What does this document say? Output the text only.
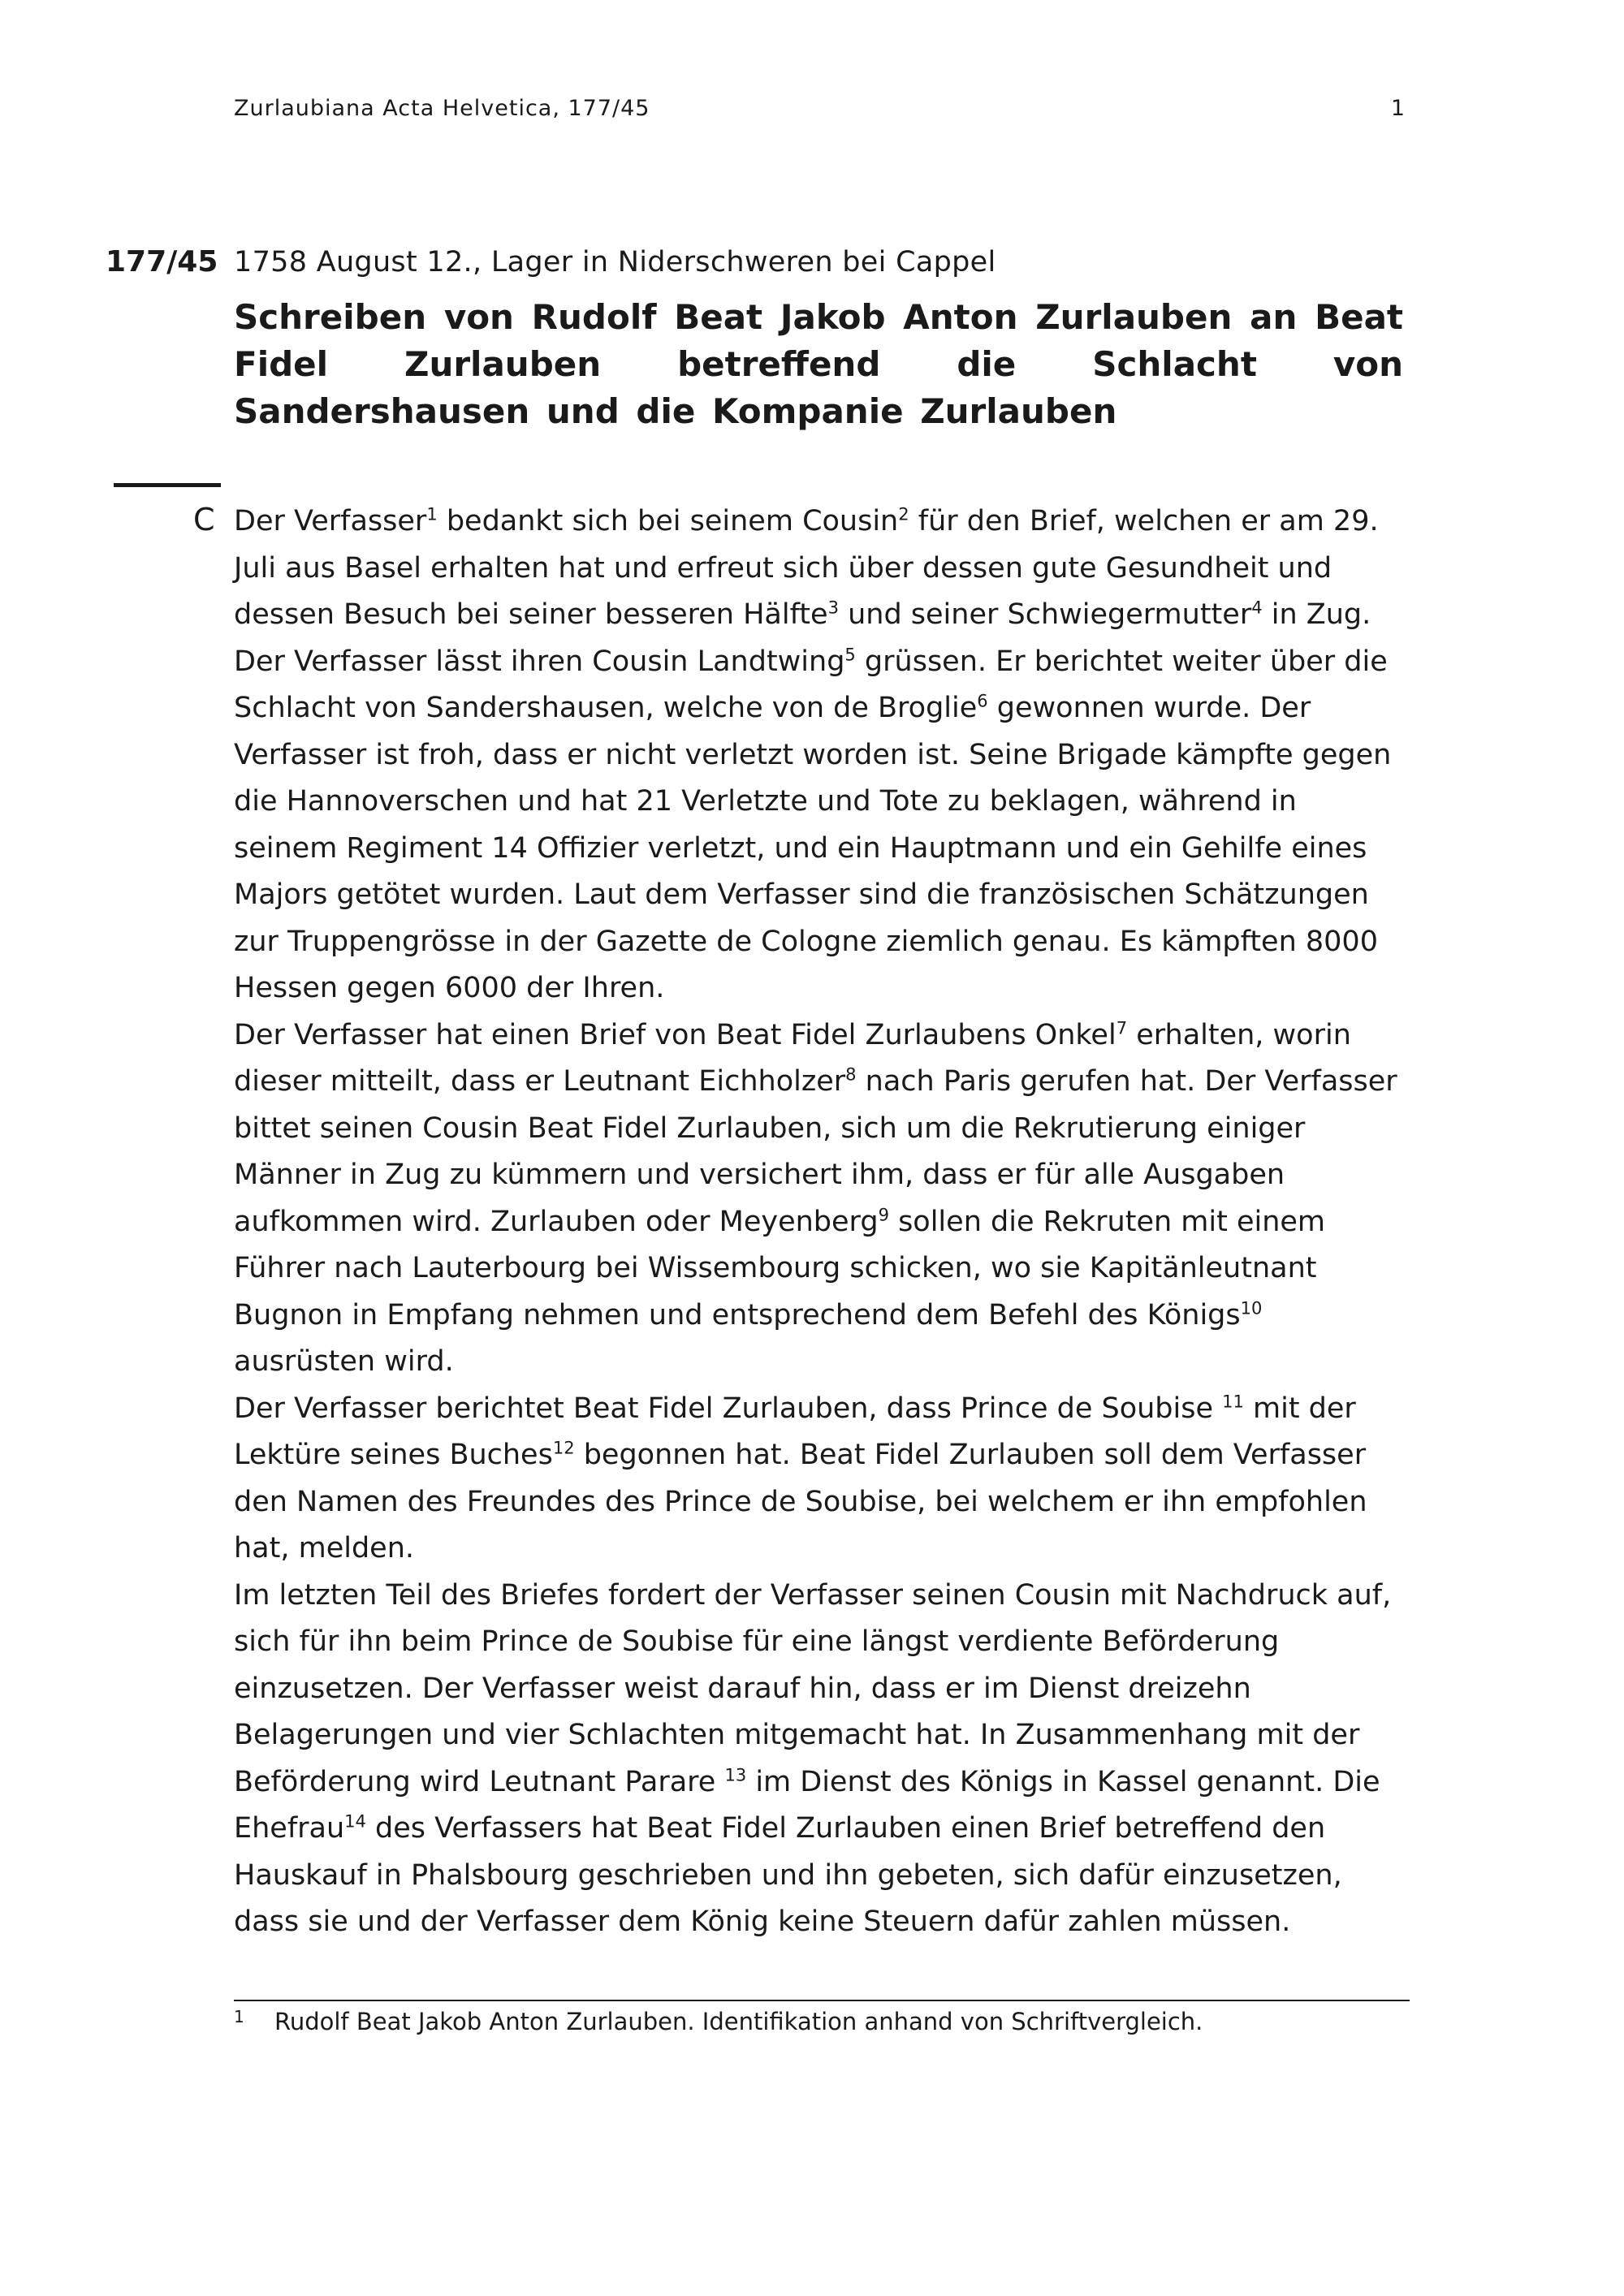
Zurlaubiana Acta Helvetica, 177/45	1
177/45 1758 August 12., Lager in Niderschweren bei Cappel
Schreiben von Rudolf Beat Jakob Anton Zurlauben an Beat Fidel Zurlauben betreffend die Schlacht von Sandershausen und die Kompanie Zurlauben
C Der Verfasser$^1$ bedankt sich bei seinem Cousin$^2$ für den Brief, welchen er am 29. Juli aus Basel erhalten hat und erfreut sich über dessen gute Gesundheit und dessen Besuch bei seiner besseren Hälfte$^3$ und seiner Schwiegermutter$^4$ in Zug. Der Verfasser lässt ihren Cousin Landtwing$^5$ grüssen. Er berichtet weiter über die Schlacht von Sandershausen, welche von de Broglie$^6$ gewonnen wurde. Der Verfasser ist froh, dass er nicht verletzt worden ist. Seine Brigade kämpfte gegen die Hannoverschen und hat 21 Verletzte und Tote zu beklagen, während in seinem Regiment 14 Offizier verletzt, und ein Hauptmann und ein Gehilfe eines Majors getötet wurden. Laut dem Verfasser sind die französischen Schätzungen zur Truppengrösse in der Gazette de Cologne ziemlich genau. Es kämpften 8000 Hessen gegen 6000 der Ihren.

Der Verfasser hat einen Brief von Beat Fidel Zurlaubens Onkel$^7$ erhalten, worin dieser mitteilt, dass er Leutnant Eichholzer$^8$ nach Paris gerufen hat. Der Verfasser bittet seinen Cousin Beat Fidel Zurlauben, sich um die Rekrutierung einiger Männer in Zug zu kümmern und versichert ihm, dass er für alle Ausgaben aufkommen wird. Zurlauben oder Meyenberg$^9$ sollen die Rekruten mit einem Führer nach Lauterbourg bei Wissembourg schicken, wo sie Kapitänleutnant Bugnon in Empfang nehmen und entsprechend dem Befehl des Königs$^{10}$ ausrüsten wird.

Der Verfasser berichtet Beat Fidel Zurlauben, dass Prince de Soubise $^{11}$ mit der Lektüre seines Buches$^{12}$ begonnen hat. Beat Fidel Zurlauben soll dem Verfasser den Namen des Freundes des Prince de Soubise, bei welchem er ihn empfohlen hat, melden.

Im letzten Teil des Briefes fordert der Verfasser seinen Cousin mit Nachdruck auf, sich für ihn beim Prince de Soubise für eine längst verdiente Beförderung einzusetzen. Der Verfasser weist darauf hin, dass er im Dienst dreizehn Belagerungen und vier Schlachten mitgemacht hat. In Zusammenhang mit der Beförderung wird Leutnant Parare $^{13}$ im Dienst des Königs in Kassel genannt. Die Ehefrau$^{14}$ des Verfassers hat Beat Fidel Zurlauben einen Brief betreffend den Hauskauf in Phalsbourg geschrieben und ihn gebeten, sich dafür einzusetzen, dass sie und der Verfasser dem König keine Steuern dafür zahlen müssen.

1 Rudolf Beat Jakob Anton Zurlauben. Identifikation anhand von Schriftvergleich.
